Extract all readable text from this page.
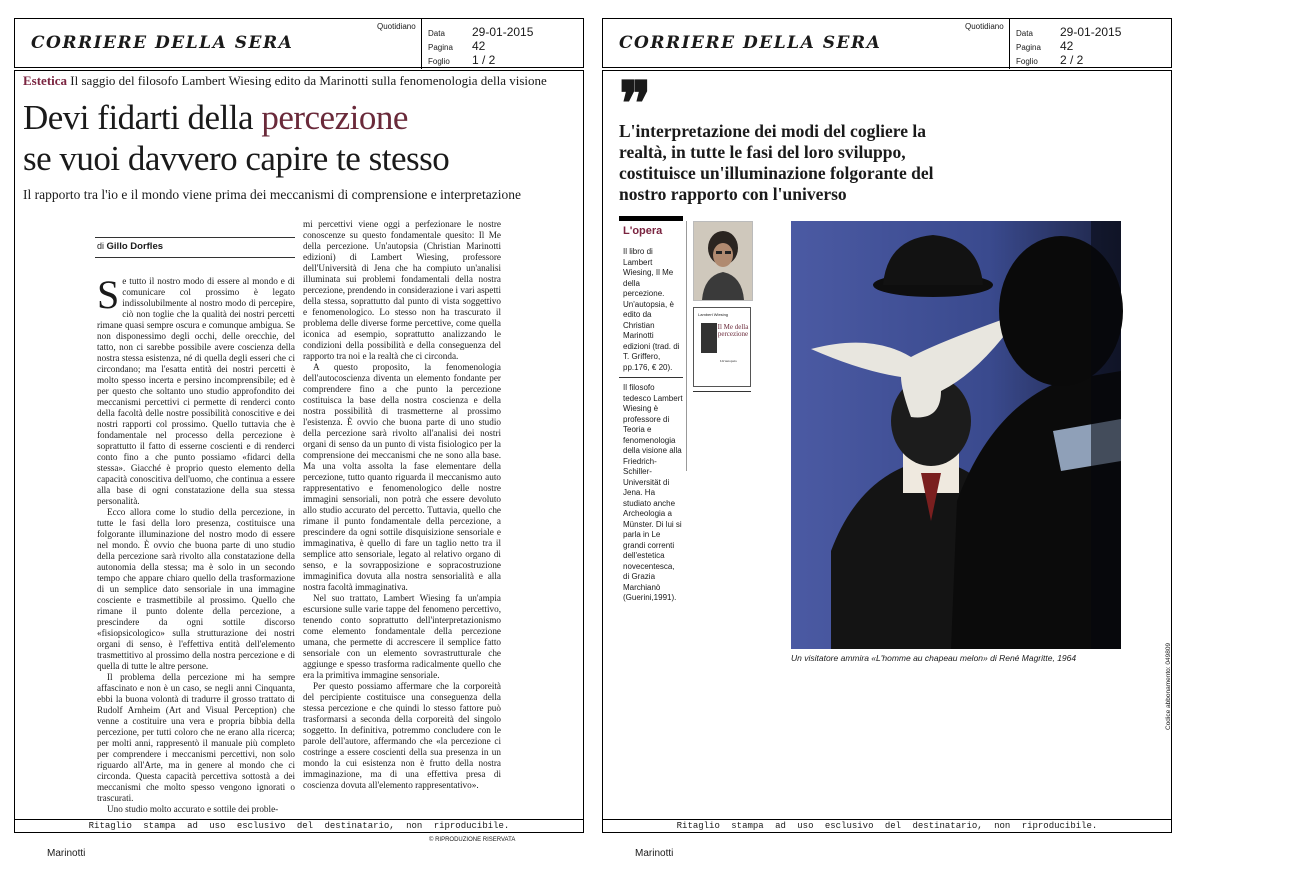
CORRIERE DELLA SERA
Quotidiano
Data 29-01-2015
Pagina 42
Foglio 1 / 2
Estetica Il saggio del filosofo Lambert Wiesing edito da Marinotti sulla fenomenologia della visione
Devi fidarti della percezione
se vuoi davvero capire te stesso
Il rapporto tra l'io e il mondo viene prima dei meccanismi di comprensione e interpretazione
di Gillo Dorfles

Se tutto il nostro modo di essere al mondo e di comunicare col prossimo è legato indissolubilmente al nostro modo di percepire, ciò non toglie che la qualità dei nostri percetti rimane quasi sempre oscura e comunque ambigua. Se non disponessimo degli occhi, delle orecchie, del tatto, non ci sarebbe possibile avere coscienza della nostra stessa esistenza, né di quella degli esseri che ci circondano; ma l'esatta entità dei nostri percetti è molto spesso incerta e persino incomprensibile; ed è per questo che soltanto uno studio approfondito dei meccanismi percettivi ci permette di renderci conto della facoltà delle nostre possibilità conoscitive e dei nostri rapporti col prossimo. Quello tuttavia che è fondamentale nel processo della percezione è soprattutto il fatto di esserne coscienti e di renderci conto fino a che punto possiamo «fidarci della stessa». Giacché è proprio questo elemento della capacità conoscitiva dell'uomo, che continua a essere alla base di ogni constatazione della sua stessa personalità.

Ecco allora come lo studio della percezione, in tutte le fasi della loro presenza, costituisce una folgorante illuminazione del nostro modo di essere nel mondo. È ovvio che buona parte di uno studio della percezione sarà rivolto alla constatazione della autonomia della stessa; ma è solo in un secondo tempo che appare chiaro quello della trasformazione di un semplice dato sensoriale in una immagine cosciente e trasmettibile al prossimo. Quello che rimane il punto dolente della percezione, a prescindere da ogni sottile discorso «fisiopsicologico» sulla strutturazione dei nostri organi di senso, è l'effettiva entità dell'elemento trasmettitivo al prossimo della nostra percezione e di quella di tutte le altre persone.

Il problema della percezione mi ha sempre affascinato e non è un caso, se negli anni Cinquanta, ebbi la buona volontà di tradurre il grosso trattato di Rudolf Arnheim (Art and Visual Perception) che venne a costituire una vera e propria bibbia della percezione, per tutti coloro che ne erano alla ricerca; per molti anni, rappresentò il manuale più completo per comprendere i meccanismi percettivi, non solo riguardo all'Arte, ma in genere al mondo che ci circonda. Questa capacità percettiva sottostà a dei meccanismi che molto spesso vengono ignorati o trascurati.

Uno studio molto accurato e sottile dei proble-

mi percettivi viene oggi a perfezionare le nostre conoscenze su questo fondamentale quesito: Il Me della percezione. Un'autopsia (Christian Marinotti edizioni) di Lambert Wiesing, professore dell'Università di Jena che ha compiuto un'analisi illuminata sui problemi fondamentali della nostra percezione, prendendo in considerazione i vari aspetti della stessa, soprattutto dal punto di vista soggettivo e fenomenologico. Lo stesso non ha trascurato il problema delle diverse forme percettive, come quella iconica ad esempio, soprattutto analizzando le condizioni della possibilità e della conseguenza del rapporto tra noi e la realtà che ci circonda.

A questo proposito, la fenomenologia dell'autocoscienza diventa un elemento fondante per comprendere fino a che punto la percezione costituisca la base della nostra coscienza e della nostra possibilità di trasmetterne al prossimo l'esistenza. È ovvio che buona parte di uno studio della percezione sarà rivolto all'analisi dei nostri organi di senso da un punto di vista fisiologico per la comprensione dei meccanismi che ne sono alla base. Ma una volta assolta la fase elementare della percezione, tutto quanto riguarda il meccanismo auto rappresentativo e fenomenologico delle nostre immagini sensoriali, non potrà che essere devoluto allo studio accurato del percetto. Tuttavia, quello che rimane il punto fondamentale della percezione, a prescindere da ogni sottile disquisizione sensoriale e immaginativa, è quello di fare un taglio netto tra il semplice atto sensoriale, legato al relativo organo di senso, e la sovrapposizione e sopracostruzione immaginifica dovuta alla nostra sensorialità e alla nostra facoltà immaginativa.

Nel suo trattato, Lambert Wiesing fa un'ampia escursione sulle varie tappe del fenomeno percettivo, tenendo conto soprattutto dell'interpretazionismo come elemento fondamentale della percezione umana, che permette di accrescere il semplice fatto sensoriale con un elemento sovrastrutturale che aggiunge e spesso trasforma radicalmente quello che era la primitiva immagine sensoriale.

Per questo possiamo affermare che la corporeità del percipiente costituisce una conseguenza della stessa percezione e che quindi lo stesso fattore può trasformarsi a seconda della corporeità del singolo soggetto. In definitiva, potremmo concludere con le parole dell'autore, affermando che «la percezione ci costringe a essere coscienti della sua presenza in un mondo la cui esistenza non è frutto della nostra immaginazione, ma di una effettiva presa di coscienza dovuta all'elemento rappresentativo».

© RIPRODUZIONE RISERVATA
Ritaglio stampa ad uso esclusivo del destinatario, non riproducibile.
Marinotti
CORRIERE DELLA SERA
Quotidiano
Data 29-01-2015
Pagina 42
Foglio 2 / 2
❞
L'interpretazione dei modi del cogliere la realtà, in tutte le fasi del loro sviluppo, costituisce un'illuminazione folgorante del nostro rapporto con l'universo
L'opera
Il libro di Lambert Wiesing, Il Me della percezione. Un'autopsia, è edito da Christian Marinotti edizioni (trad. di T. Griffero, pp.176, € 20).
Il filosofo tedesco Lambert Wiesing è professore di Teoria e fenomenologia della visione alla Friedrich-Schiller-Universität di Jena. Ha studiato anche Archeologia a Münster. Di lui si parla in Le grandi correnti dell'estetica novecentesca, di Grazia Marchianò (Guerini,1991).
Lambert Wiesing
Il Me della percezione
Un'autopsia
Un visitatore ammira «L'homme au chapeau melon» di René Magritte, 1964
Ritaglio stampa ad uso esclusivo del destinatario, non riproducibile.
Marinotti
Codice abbonamento: 049809
